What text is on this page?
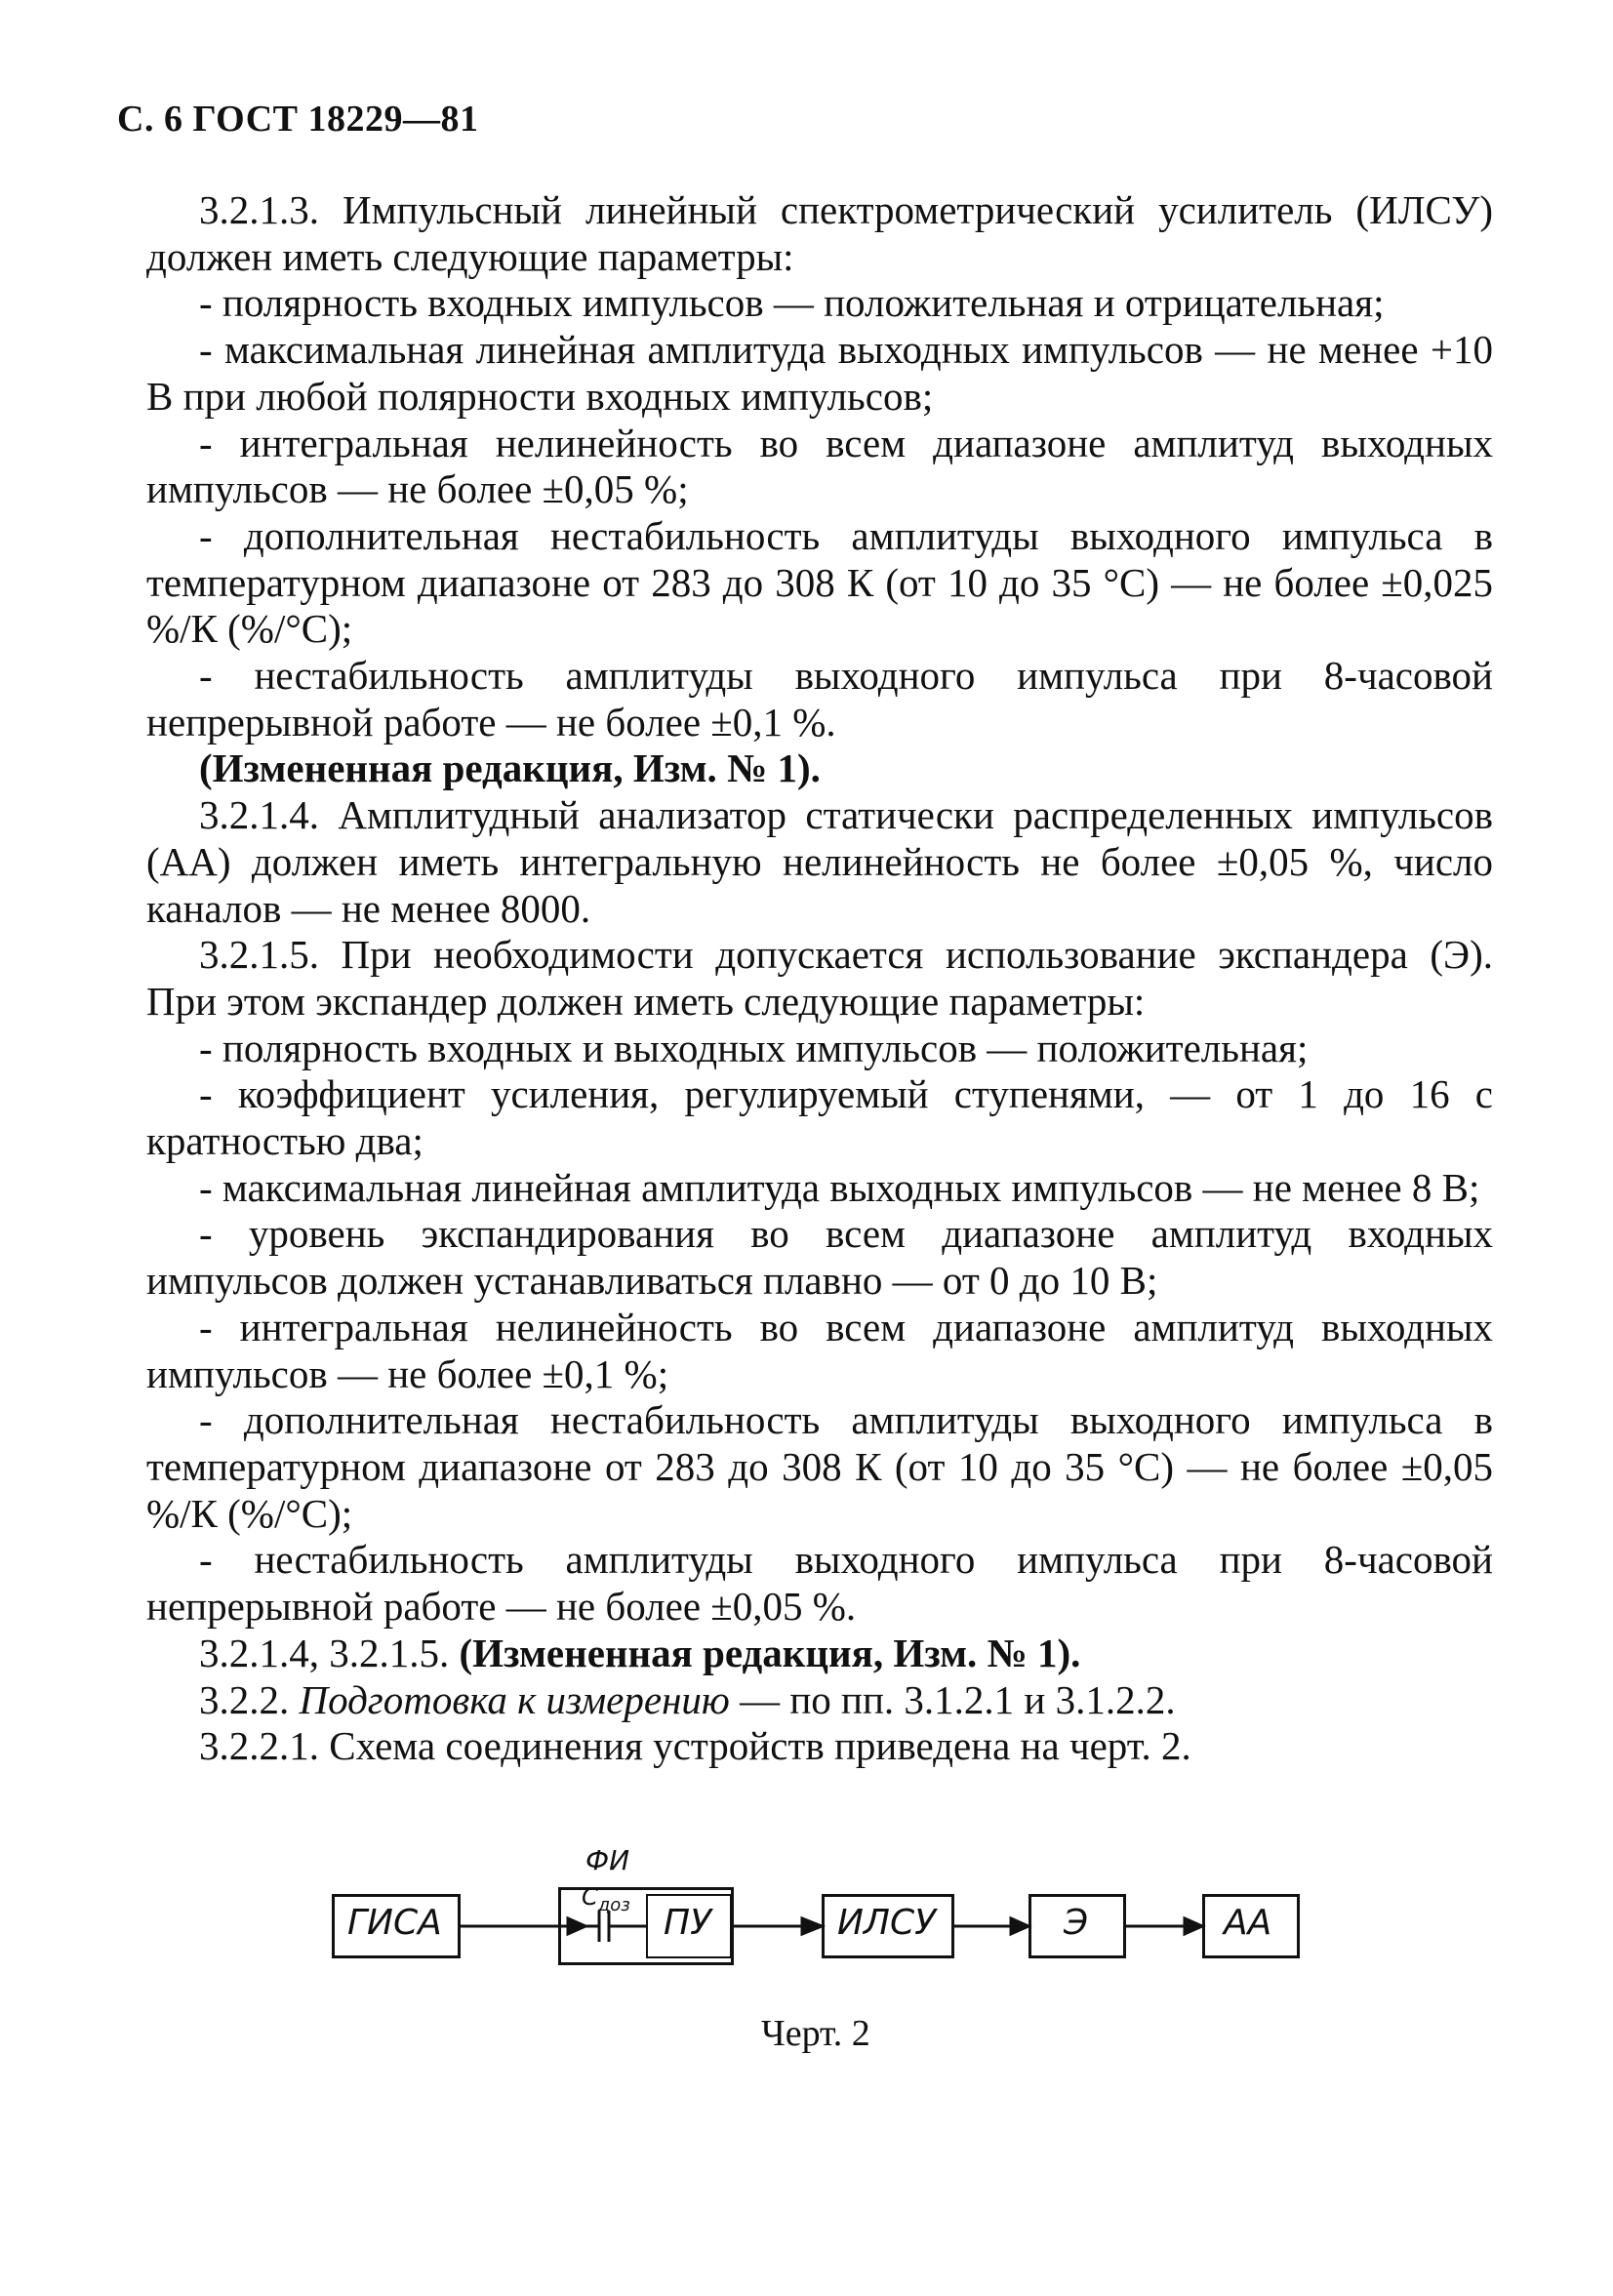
С. 6 ГОСТ 18229—81

3.2.1.3. Импульсный линейный спектрометрический усилитель (ИЛСУ) должен иметь следующие параметры:

- полярность входных импульсов — положительная и отрицательная;

- максимальная линейная амплитуда выходных импульсов — не менее +10 В при любой полярности входных импульсов;

- интегральная нелинейность во всем диапазоне амплитуд выходных импульсов — не более ±0,05 %;

- дополнительная нестабильность амплитуды выходного импульса в температурном диапазоне от 283 до 308 К (от 10 до 35 °С) — не более ±0,025 %/К (%/°С);

- нестабильность амплитуды выходного импульса при 8-часовой непрерывной работе — не более ±0,1 %.

(Измененная редакция, Изм. № 1).

3.2.1.4. Амплитудный анализатор статически распределенных импульсов (АА) должен иметь интегральную нелинейность не более ±0,05 %, число каналов — не менее 8000.

3.2.1.5. При необходимости допускается использование экспандера (Э). При этом экспандер должен иметь следующие параметры:

- полярность входных и выходных импульсов — положительная;

- коэффициент усиления, регулируемый ступенями, — от 1 до 16 с кратностью два;

- максимальная линейная амплитуда выходных импульсов — не менее 8 В;

- уровень экспандирования во всем диапазоне амплитуд входных импульсов должен устанавливаться плавно — от 0 до 10 В;

- интегральная нелинейность во всем диапазоне амплитуд выходных импульсов — не более ±0,1 %;

- дополнительная нестабильность амплитуды выходного импульса в температурном диапазоне от 283 до 308 К (от 10 до 35 °С) — не более ±0,05 %/К (%/°С);

- нестабильность амплитуды выходного импульса при 8-часовой непрерывной работе — не более ±0,05 %.

3.2.1.4, 3.2.1.5. (Измененная редакция, Изм. № 1).

3.2.2. Подготовка к измерению — по пп. 3.1.2.1 и 3.1.2.2.

3.2.2.1. Схема соединения устройств приведена на черт. 2.

ГИСА
ФИ
$С_{доз}$ ПУ	ИЛСУ	Э	АА
Черт. 2
